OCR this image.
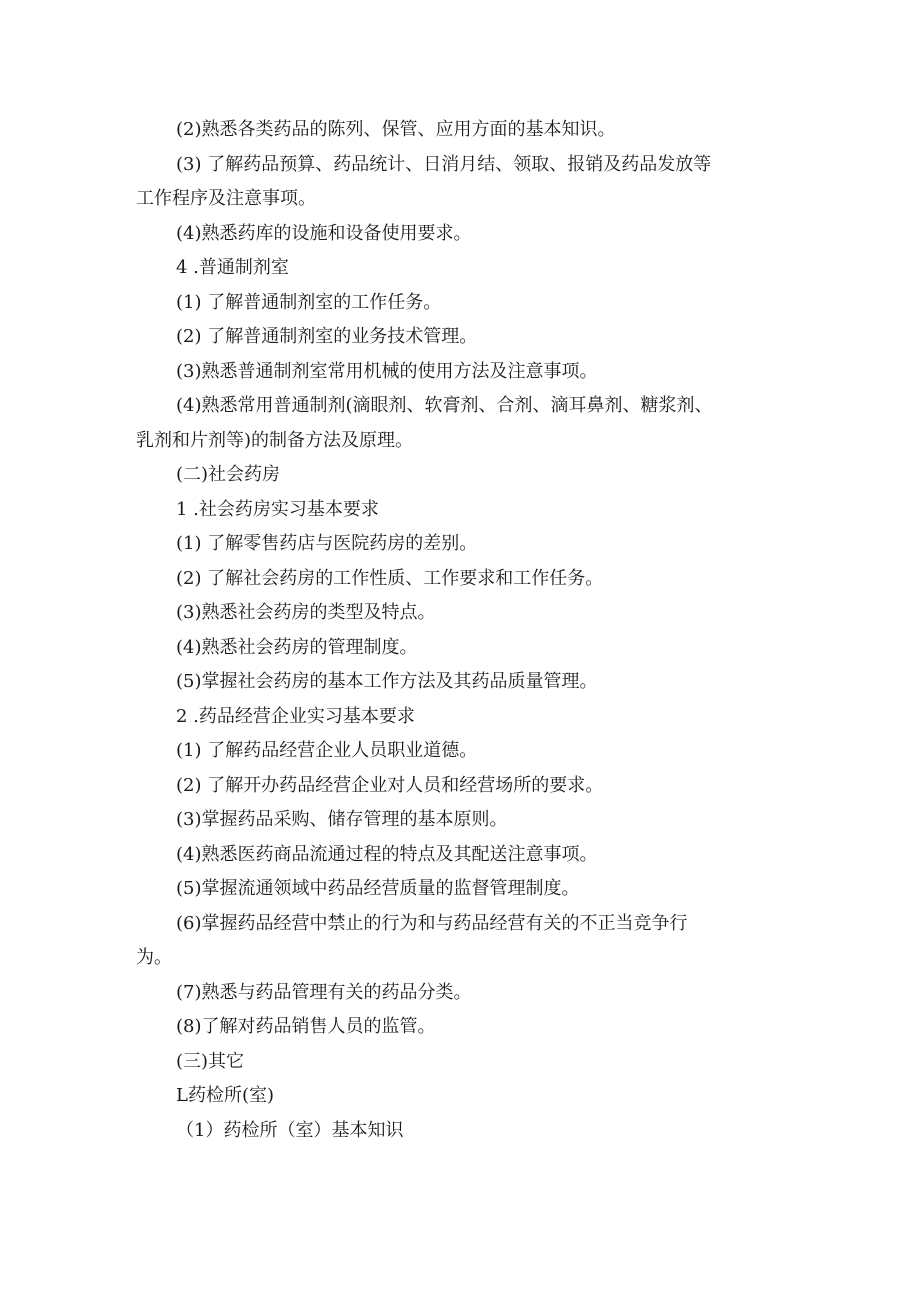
(2)熟悉各类药品的陈列、保管、应用方面的基本知识。

(3) 了解药品预算、药品统计、日消月结、领取、报销及药品发放等

工作程序及注意事项。

(4)熟悉药库的设施和设备使用要求。

4 .普通制剂室

(1) 了解普通制剂室的工作任务。

(2) 了解普通制剂室的业务技术管理。

(3)熟悉普通制剂室常用机械的使用方法及注意事项。

(4)熟悉常用普通制剂(滴眼剂、软膏剂、合剂、滴耳鼻剂、糖浆剂、

乳剂和片剂等)的制备方法及原理。

(二)社会药房

1 .社会药房实习基本要求

(1) 了解零售药店与医院药房的差别。

(2) 了解社会药房的工作性质、工作要求和工作任务。

(3)熟悉社会药房的类型及特点。

(4)熟悉社会药房的管理制度。

(5)掌握社会药房的基本工作方法及其药品质量管理。

2 .药品经营企业实习基本要求

(1) 了解药品经营企业人员职业道德。

(2) 了解开办药品经营企业对人员和经营场所的要求。

(3)掌握药品采购、储存管理的基本原则。

(4)熟悉医药商品流通过程的特点及其配送注意事项。

(5)掌握流通领域中药品经营质量的监督管理制度。

(6)掌握药品经营中禁止的行为和与药品经营有关的不正当竞争行

为。

(7)熟悉与药品管理有关的药品分类。

(8)了解对药品销售人员的监管。

(三)其它

L药检所(室)

（1）药检所（室）基本知识
